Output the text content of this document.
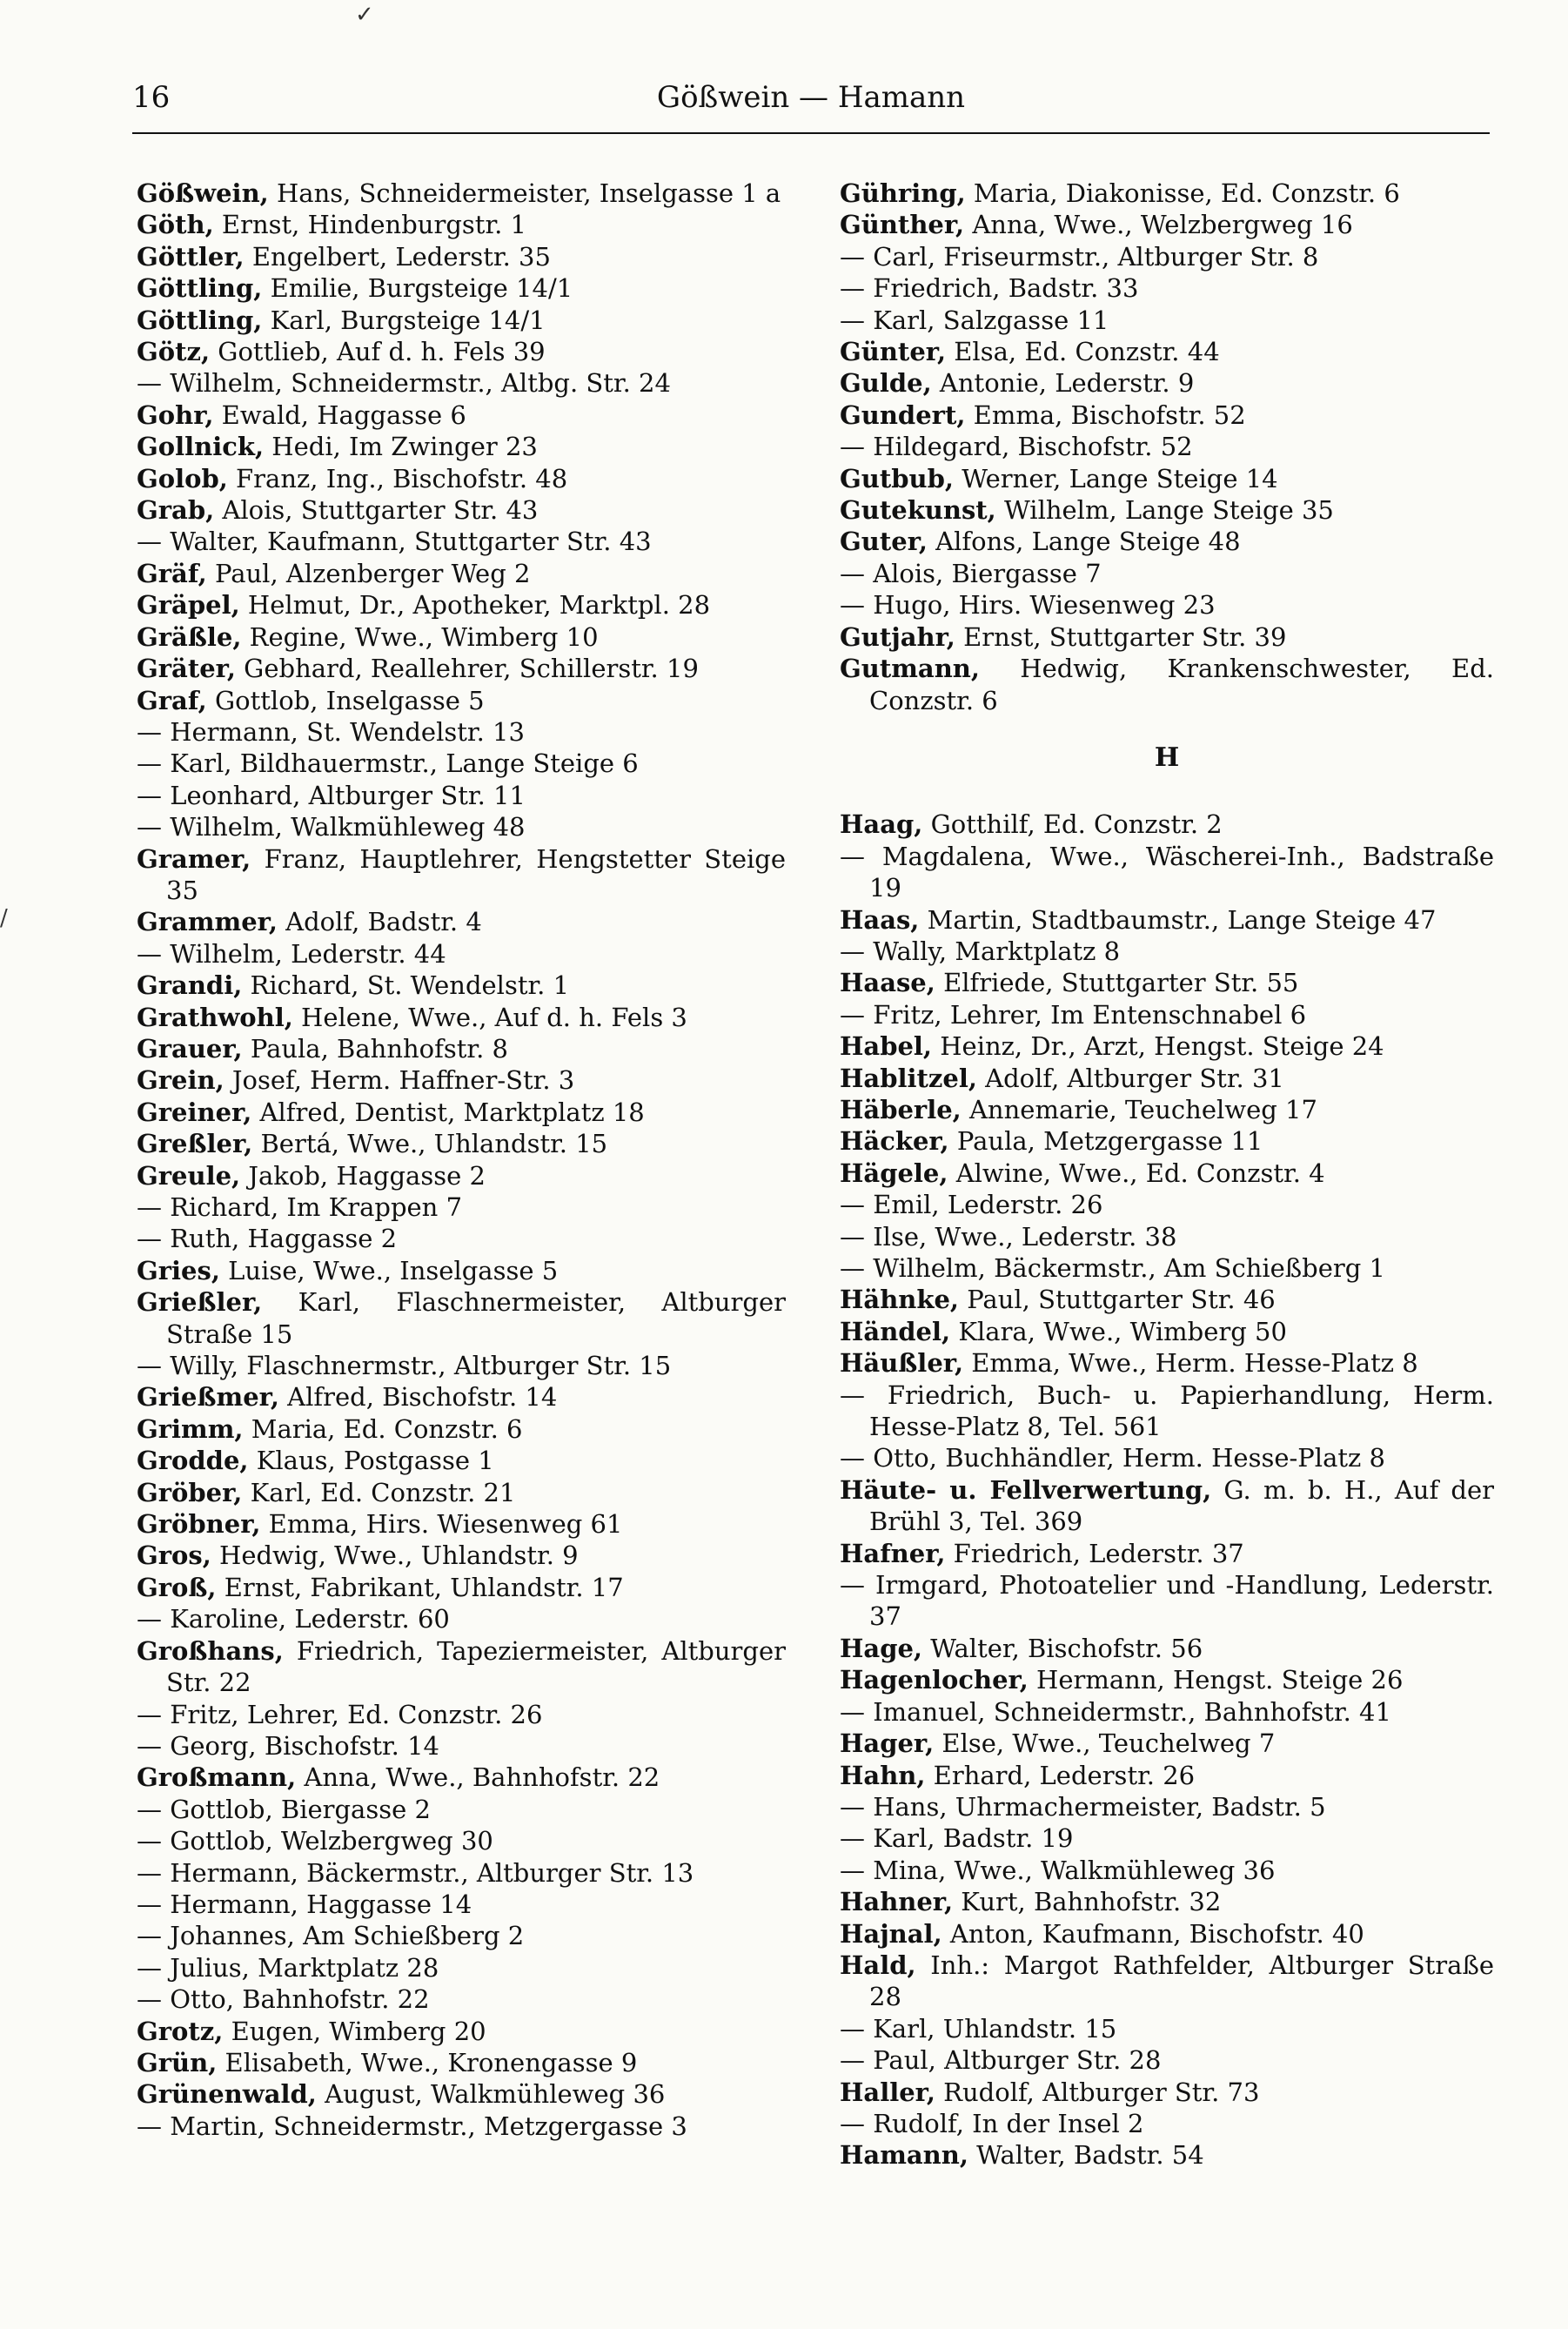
16	Gößwein — Hamann
Gößwein, Hans, Schneidermeister, Inselgasse 1 a
Göth, Ernst, Hindenburgstr. 1
Göttler, Engelbert, Lederstr. 35
Göttling, Emilie, Burgsteige 14/1
Göttling, Karl, Burgsteige 14/1
Götz, Gottlieb, Auf d. h. Fels 39
— Wilhelm, Schneidermstr., Altbg. Str. 24
Gohr, Ewald, Haggasse 6
Gollnick, Hedi, Im Zwinger 23
Golob, Franz, Ing., Bischofstr. 48
Grab, Alois, Stuttgarter Str. 43
— Walter, Kaufmann, Stuttgarter Str. 43
Gräf, Paul, Alzenberger Weg 2
Gräpel, Helmut, Dr., Apotheker, Marktpl. 28
Gräßle, Regine, Wwe., Wimberg 10
Gräter, Gebhard, Reallehrer, Schillerstr. 19
Graf, Gottlob, Inselgasse 5
— Hermann, St. Wendelstr. 13
— Karl, Bildhauermstr., Lange Steige 6
— Leonhard, Altburger Str. 11
— Wilhelm, Walkmühleweg 48
Gramer, Franz, Hauptlehrer, Hengstetter Steige 35
Grammer, Adolf, Badstr. 4
— Wilhelm, Lederstr. 44
Grandi, Richard, St. Wendelstr. 1
Grathwohl, Helene, Wwe., Auf d. h. Fels 3
Grauer, Paula, Bahnhofstr. 8
Grein, Josef, Herm. Haffner-Str. 3
Greiner, Alfred, Dentist, Marktplatz 18
Greßler, Bertá, Wwe., Uhlandstr. 15
Greule, Jakob, Haggasse 2
— Richard, Im Krappen 7
— Ruth, Haggasse 2
Gries, Luise, Wwe., Inselgasse 5
Grießler, Karl, Flaschnermeister, Altburger Straße 15
— Willy, Flaschnermstr., Altburger Str. 15
Grießmer, Alfred, Bischofstr. 14
Grimm, Maria, Ed. Conzstr. 6
Grodde, Klaus, Postgasse 1
Gröber, Karl, Ed. Conzstr. 21
Gröbner, Emma, Hirs. Wiesenweg 61
Gros, Hedwig, Wwe., Uhlandstr. 9
Groß, Ernst, Fabrikant, Uhlandstr. 17
— Karoline, Lederstr. 60
Großhans, Friedrich, Tapeziermeister, Altburger Str. 22
— Fritz, Lehrer, Ed. Conzstr. 26
— Georg, Bischofstr. 14
Großmann, Anna, Wwe., Bahnhofstr. 22
— Gottlob, Biergasse 2
— Gottlob, Welzbergweg 30
— Hermann, Bäckermstr., Altburger Str. 13
— Hermann, Haggasse 14
— Johannes, Am Schießberg 2
— Julius, Marktplatz 28
— Otto, Bahnhofstr. 22
Grotz, Eugen, Wimberg 20
Grün, Elisabeth, Wwe., Kronengasse 9
Grünenwald, August, Walkmühleweg 36
— Martin, Schneidermstr., Metzgergasse 3
Gühring, Maria, Diakonisse, Ed. Conzstr. 6
Günther, Anna, Wwe., Welzbergweg 16
— Carl, Friseurmstr., Altburger Str. 8
— Friedrich, Badstr. 33
— Karl, Salzgasse 11
Günter, Elsa, Ed. Conzstr. 44
Gulde, Antonie, Lederstr. 9
Gundert, Emma, Bischofstr. 52
— Hildegard, Bischofstr. 52
Gutbub, Werner, Lange Steige 14
Gutekunst, Wilhelm, Lange Steige 35
Guter, Alfons, Lange Steige 48
— Alois, Biergasse 7
— Hugo, Hirs. Wiesenweg 23
Gutjahr, Ernst, Stuttgarter Str. 39
Gutmann, Hedwig, Krankenschwester, Ed. Conzstr. 6
H
Haag, Gotthilf, Ed. Conzstr. 2
— Magdalena, Wwe., Wäscherei-Inh., Badstraße 19
Haas, Martin, Stadtbaumstr., Lange Steige 47
— Wally, Marktplatz 8
Haase, Elfriede, Stuttgarter Str. 55
— Fritz, Lehrer, Im Entenschnabel 6
Habel, Heinz, Dr., Arzt, Hengst. Steige 24
Hablitzel, Adolf, Altburger Str. 31
Häberle, Annemarie, Teuchelweg 17
Häcker, Paula, Metzgergasse 11
Hägele, Alwine, Wwe., Ed. Conzstr. 4
— Emil, Lederstr. 26
— Ilse, Wwe., Lederstr. 38
— Wilhelm, Bäckermstr., Am Schießberg 1
Hähnke, Paul, Stuttgarter Str. 46
Händel, Klara, Wwe., Wimberg 50
Häußler, Emma, Wwe., Herm. Hesse-Platz 8
— Friedrich, Buch- u. Papierhandlung, Herm. Hesse-Platz 8, Tel. 561
— Otto, Buchhändler, Herm. Hesse-Platz 8
Häute- u. Fellverwertung, G. m. b. H., Auf der Brühl 3, Tel. 369
Hafner, Friedrich, Lederstr. 37
— Irmgard, Photoatelier und -Handlung, Lederstr. 37
Hage, Walter, Bischofstr. 56
Hagenlocher, Hermann, Hengst. Steige 26
— Imanuel, Schneidermstr., Bahnhofstr. 41
Hager, Else, Wwe., Teuchelweg 7
Hahn, Erhard, Lederstr. 26
— Hans, Uhrmachermeister, Badstr. 5
— Karl, Badstr. 19
— Mina, Wwe., Walkmühleweg 36
Hahner, Kurt, Bahnhofstr. 32
Hajnal, Anton, Kaufmann, Bischofstr. 40
Hald, Inh.: Margot Rathfelder, Altburger Straße 28
— Karl, Uhlandstr. 15
— Paul, Altburger Str. 28
Haller, Rudolf, Altburger Str. 73
— Rudolf, In der Insel 2
Hamann, Walter, Badstr. 54
✓
/
